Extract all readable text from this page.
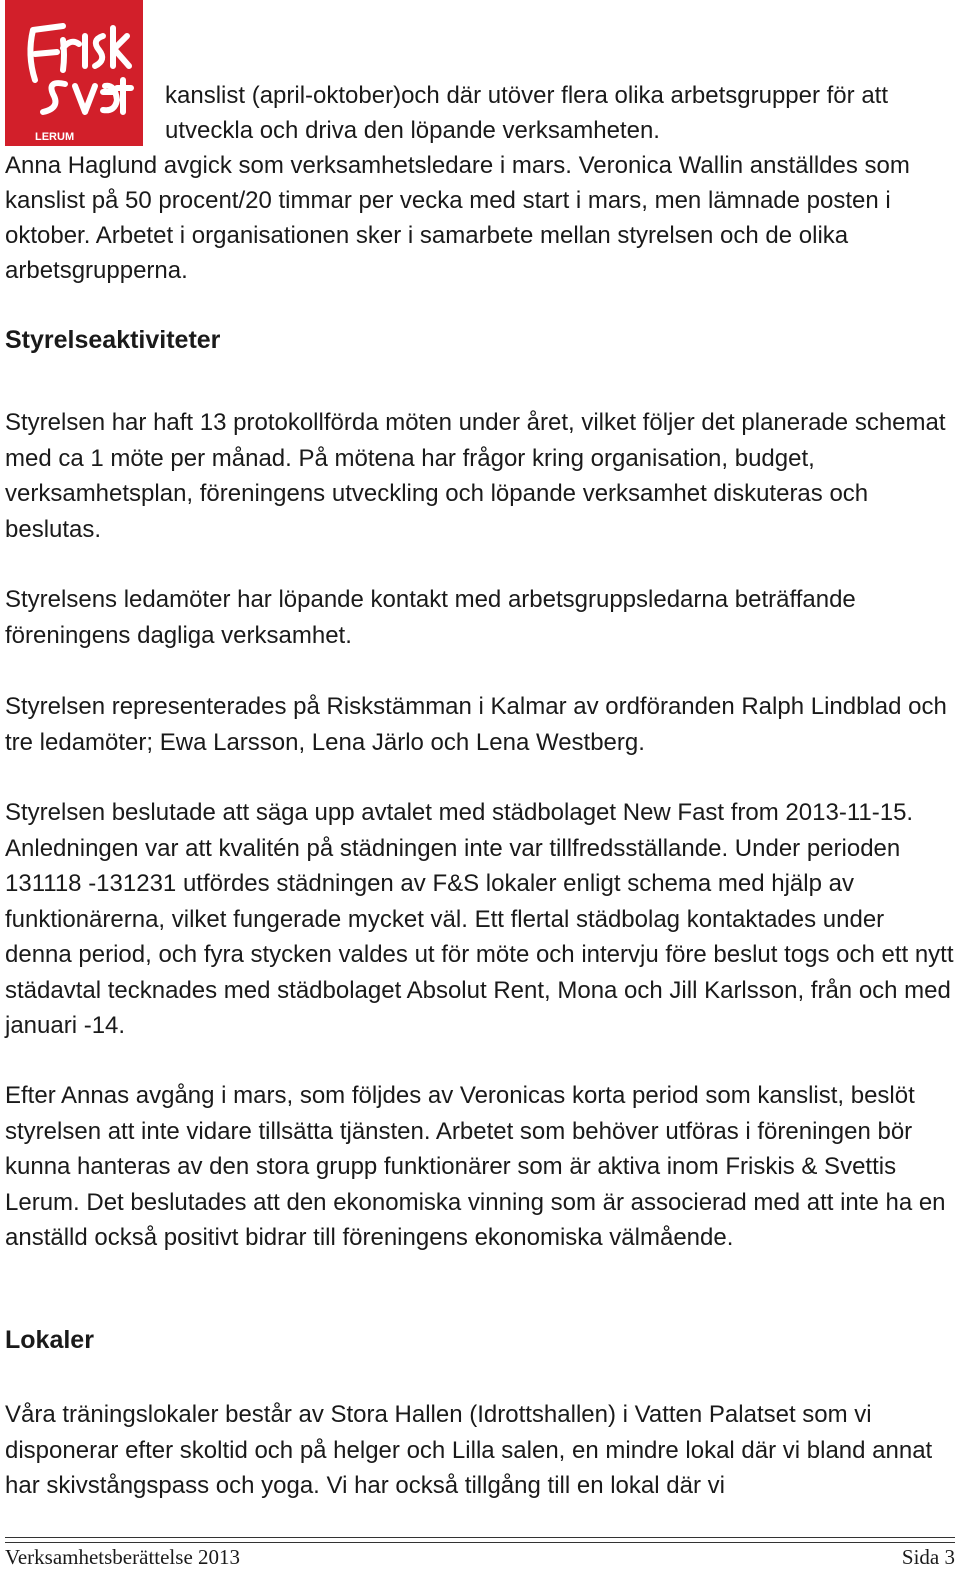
LERUM

kanslist (april-oktober)och där utöver flera olika arbetsgrupper för att utveckla och driva den löpande verksamheten.

Anna Haglund avgick som verksamhetsledare i mars. Veronica Wallin anställdes som kanslist på 50 procent/20 timmar per vecka med start i mars, men lämnade posten i oktober. Arbetet i organisationen sker i samarbete mellan styrelsen och de olika arbetsgrupperna.

Styrelseaktiviteter

Styrelsen har haft 13 protokollförda möten under året, vilket följer det planerade schemat med ca 1 möte per månad. På mötena har frågor kring organisation, budget, verksamhetsplan, föreningens utveckling och löpande verksamhet diskuteras och beslutas.

Styrelsens ledamöter har löpande kontakt med arbetsgruppsledarna beträffande föreningens dagliga verksamhet.

Styrelsen representerades på Riskstämman i Kalmar av ordföranden Ralph Lindblad och tre ledamöter; Ewa Larsson, Lena Järlo och Lena Westberg.

Styrelsen beslutade att säga upp avtalet med städbolaget New Fast from 2013-11-15. Anledningen var att kvalitén på städningen inte var tillfredsställande. Under perioden 131118 -131231 utfördes städningen av F&S lokaler enligt schema med hjälp av funktionärerna, vilket fungerade mycket väl. Ett flertal städbolag kontaktades under denna period, och fyra stycken valdes ut för möte och intervju före beslut togs och ett nytt städavtal tecknades med städbolaget Absolut Rent, Mona och Jill Karlsson, från och med januari -14.

Efter Annas avgång i mars, som följdes av Veronicas korta period som kanslist, beslöt styrelsen att inte vidare tillsätta tjänsten. Arbetet som behöver utföras i föreningen bör kunna hanteras av den stora grupp funktionärer som är aktiva inom Friskis & Svettis Lerum. Det beslutades att den ekonomiska vinning som är associerad med att inte ha en anställd också positivt bidrar till föreningens ekonomiska välmående.

Lokaler

Våra träningslokaler består av Stora Hallen (Idrottshallen) i Vatten Palatset som vi disponerar efter skoltid och på helger och Lilla salen, en mindre lokal där vi bland annat har skivstångspass och yoga. Vi har också tillgång till en lokal där vi

Verksamhetsberättelse 2013	Sida 3
